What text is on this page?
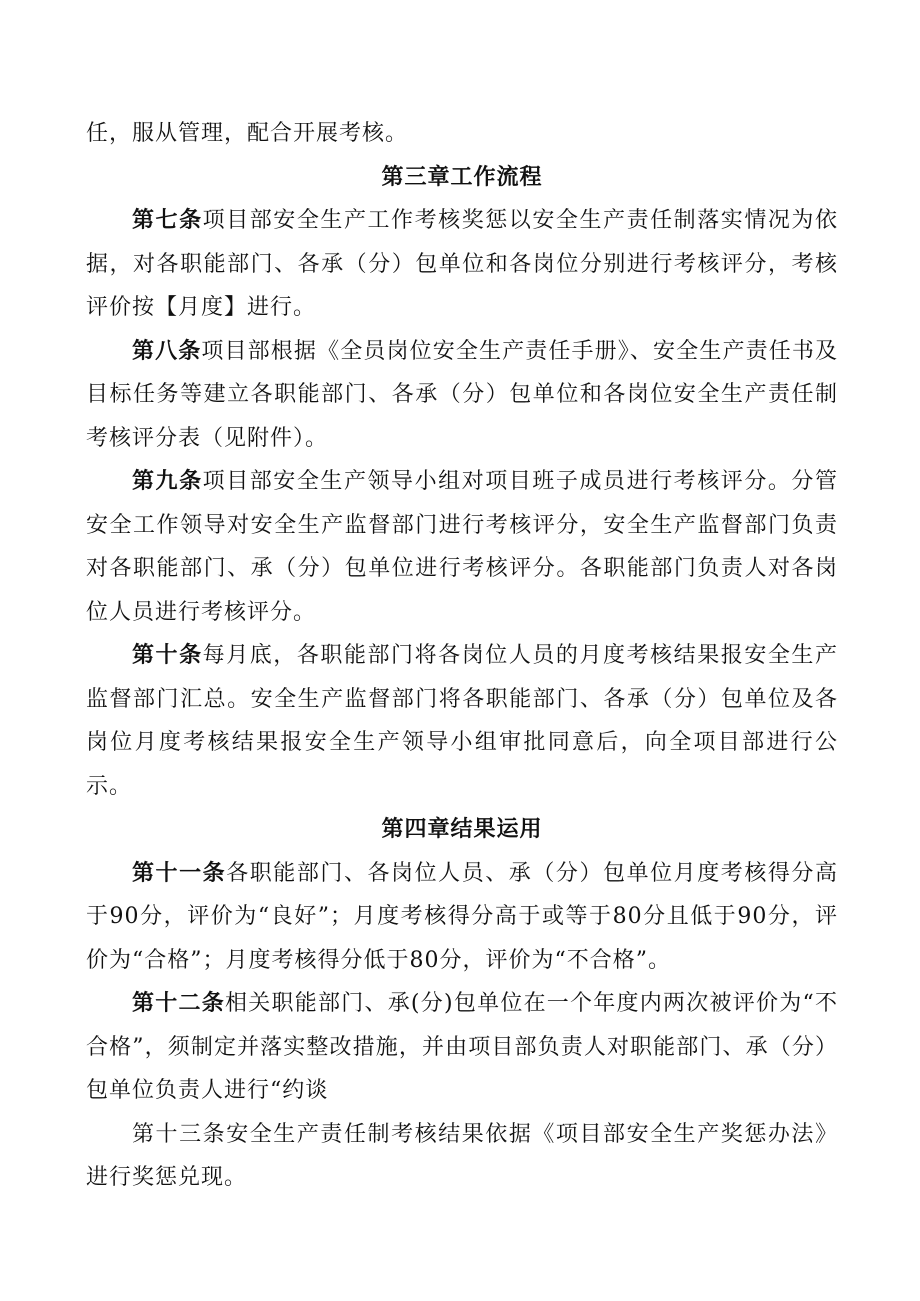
任，服从管理，配合开展考核。

第三章工作流程

第七条项目部安全生产工作考核奖惩以安全生产责任制落实情况为依据，对各职能部门、各承（分）包单位和各岗位分别进行考核评分，考核评价按【月度】进行。

第八条项目部根据《全员岗位安全生产责任手册》、安全生产责任书及目标任务等建立各职能部门、各承（分）包单位和各岗位安全生产责任制考核评分表（见附件）。

第九条项目部安全生产领导小组对项目班子成员进行考核评分。分管安全工作领导对安全生产监督部门进行考核评分，安全生产监督部门负责对各职能部门、承（分）包单位进行考核评分。各职能部门负责人对各岗位人员进行考核评分。

第十条每月底，各职能部门将各岗位人员的月度考核结果报安全生产监督部门汇总。安全生产监督部门将各职能部门、各承（分）包单位及各岗位月度考核结果报安全生产领导小组审批同意后，向全项目部进行公示。

第四章结果运用

第十一条各职能部门、各岗位人员、承（分）包单位月度考核得分高于90分，评价为“良好”；月度考核得分高于或等于80分且低于90分，评价为“合格”；月度考核得分低于80分，评价为“不合格”。

第十二条相关职能部门、承(分)包单位在一个年度内两次被评价为“不合格”，须制定并落实整改措施，并由项目部负责人对职能部门、承（分）包单位负责人进行“约谈

第十三条安全生产责任制考核结果依据《项目部安全生产奖惩办法》进行奖惩兑现。
